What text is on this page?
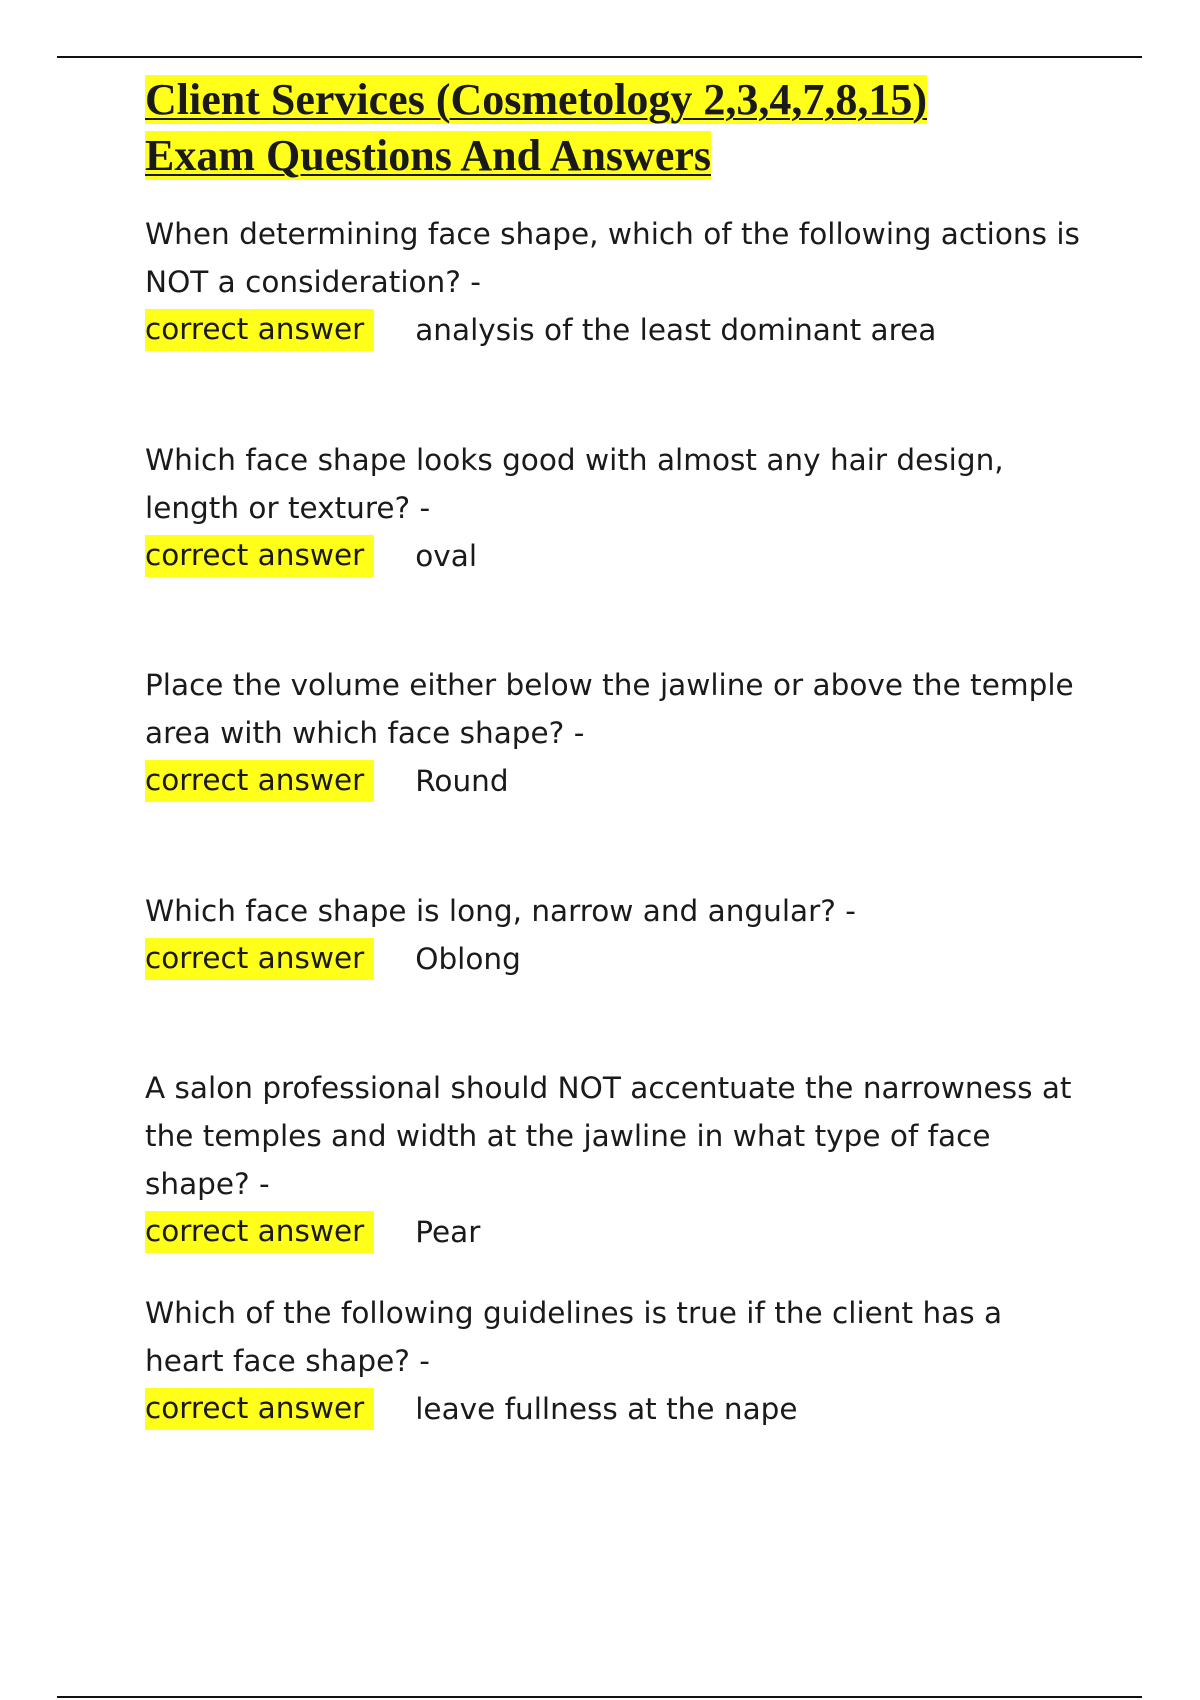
Client Services (Cosmetology 2,3,4,7,8,15)
Exam Questions And Answers

When determining face shape, which of the following actions is NOT a consideration? -

correct answer	analysis of the least dominant area

Which face shape looks good with almost any hair design, length or texture? -

correct answer	oval

Place the volume either below the jawline or above the temple area with which face shape? -

correct answer	Round

Which face shape is long, narrow and angular? -

correct answer	Oblong

A salon professional should NOT accentuate the narrowness at the temples and width at the jawline in what type of face shape? -

correct answer	Pear

Which of the following guidelines is true if the client has a heart face shape? -

correct answer	leave fullness at the nape
